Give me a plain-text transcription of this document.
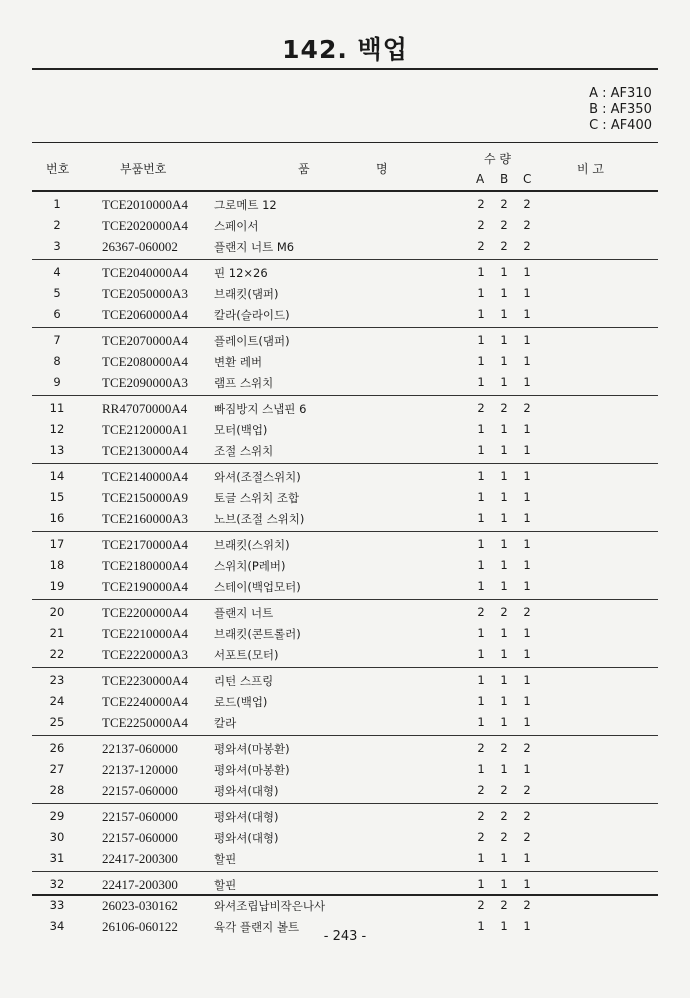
142. 백업
A : AF310
B : AF350
C : AF400
번호	부품번호	품	명
수 량
A B C
비 고
1	TCE2010000A4 그로메트 12	2	2	2
2	TCE2020000A4 스페이서	2	2	2
3	26367-060002	플랜지 너트 M6	2	2	2
4	TCE2040000A4 핀 12×26	1	1	1
5	TCE2050000A3 브래킷(댐퍼)	1	1	1
6	TCE2060000A4 칼라(슬라이드)	1	1	1
7	TCE2070000A4 플레이트(댐퍼)	1	1	1
8	TCE2080000A4 변환 레버	1	1	1
9	TCE2090000A3 램프 스위치	1	1	1
11	RR47070000A4 빠짐방지 스냅핀 6	2	2	2
12	TCE2120000A1 모터(백업)	1	1	1
13	TCE2130000A4 조절 스위치	1	1	1
14	TCE2140000A4 와셔(조절스위치)	1	1	1
15	TCE2150000A9 토글 스위치 조합	1	1	1
16	TCE2160000A3 노브(조절 스위치)	1	1	1
17	TCE2170000A4 브래킷(스위치)	1	1	1
18	TCE2180000A4 스위치(P레버)	1	1	1
19	TCE2190000A4 스테이(백업모터)	1	1	1
20	TCE2200000A4 플랜지 너트	2	2	2
21	TCE2210000A4 브래킷(콘트롤러)	1	1	1
22	TCE2220000A3 서포트(모터)	1	1	1
23	TCE2230000A4 리턴 스프링	1	1	1
24	TCE2240000A4 로드(백업)	1	1	1
25	TCE2250000A4 칼라	1	1	1
26	22137-060000	평와셔(마봉환)	2	2	2
27	22137-120000	평와셔(마봉환)	1	1	1
28	22157-060000	평와셔(대형)	2	2	2
29	22157-060000	평와셔(대형)	2	2	2
30	22157-060000	평와셔(대형)	2	2	2
31	22417-200300	할핀	1	1	1
32	22417-200300	할핀	1	1	1
33	26023-030162	와셔조립납비작은나사	2	2	2
34	26106-060122	육각 플랜지 볼트	1	1	1
- 243 -
